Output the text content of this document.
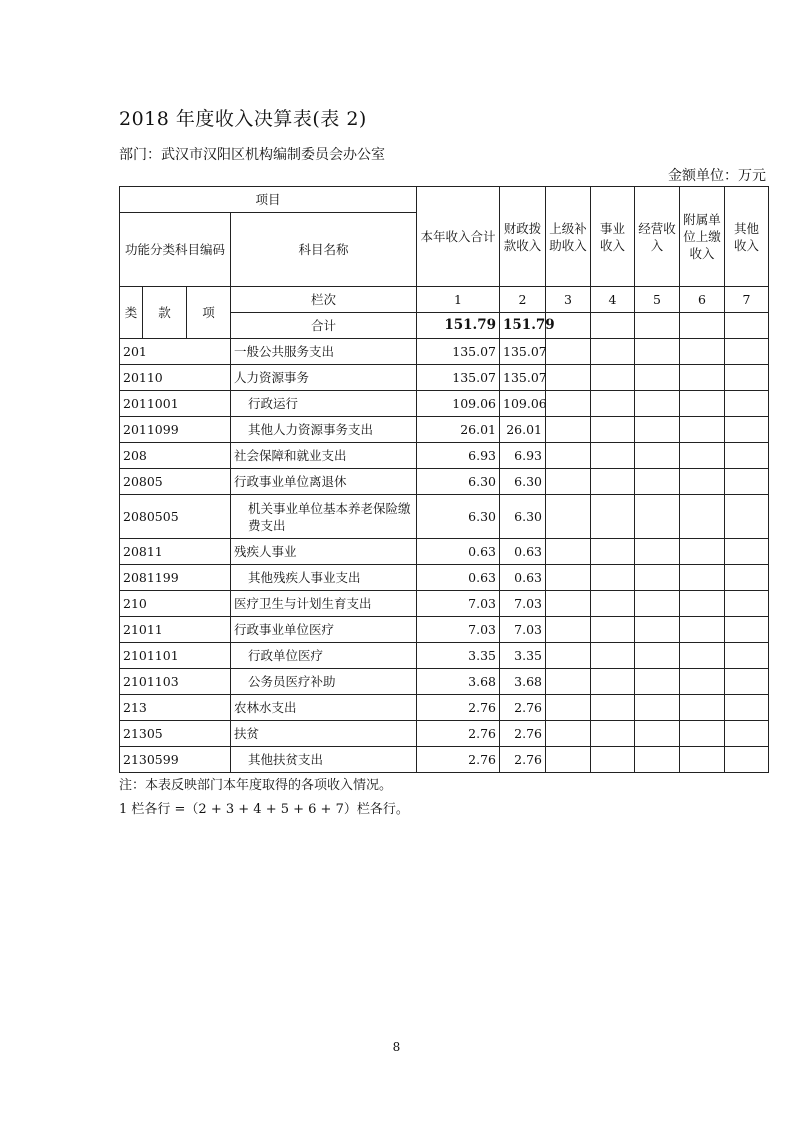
2018 年度收入决算表(表 2)
部门：武汉市汉阳区机构编制委员会办公室
金额单位：万元
项目				本年收入合计	财政拨款收入	上级补助收入	事业收入	经营收入	附属单位上缴收入	其他收入
功能分类科目编码			科目名称							
类	款	项	栏次	1	2	3	4	5	6	7
			合计	151.79	151.79					
201			一般公共服务支出	135.07	135.07					
20110			人力资源事务	135.07	135.07					
2011001			行政运行	109.06	109.06					
2011099			其他人力资源事务支出	26.01	26.01					
208			社会保障和就业支出	6.93	6.93					
20805			行政事业单位离退休	6.30	6.30					
2080505			机关事业单位基本养老保险缴费支出	6.30	6.30					
20811			残疾人事业	0.63	0.63					
2081199			其他残疾人事业支出	0.63	0.63					
210			医疗卫生与计划生育支出	7.03	7.03					
21011			行政事业单位医疗	7.03	7.03					
2101101			行政单位医疗	3.35	3.35					
2101103			公务员医疗补助	3.68	3.68					
213			农林水支出	2.76	2.76					
21305			扶贫	2.76	2.76					
2130599			其他扶贫支出	2.76	2.76					
注：本表反映部门本年度取得的各项收入情况。
1 栏各行 =（2 + 3 + 4 + 5 + 6 + 7）栏各行。
8
